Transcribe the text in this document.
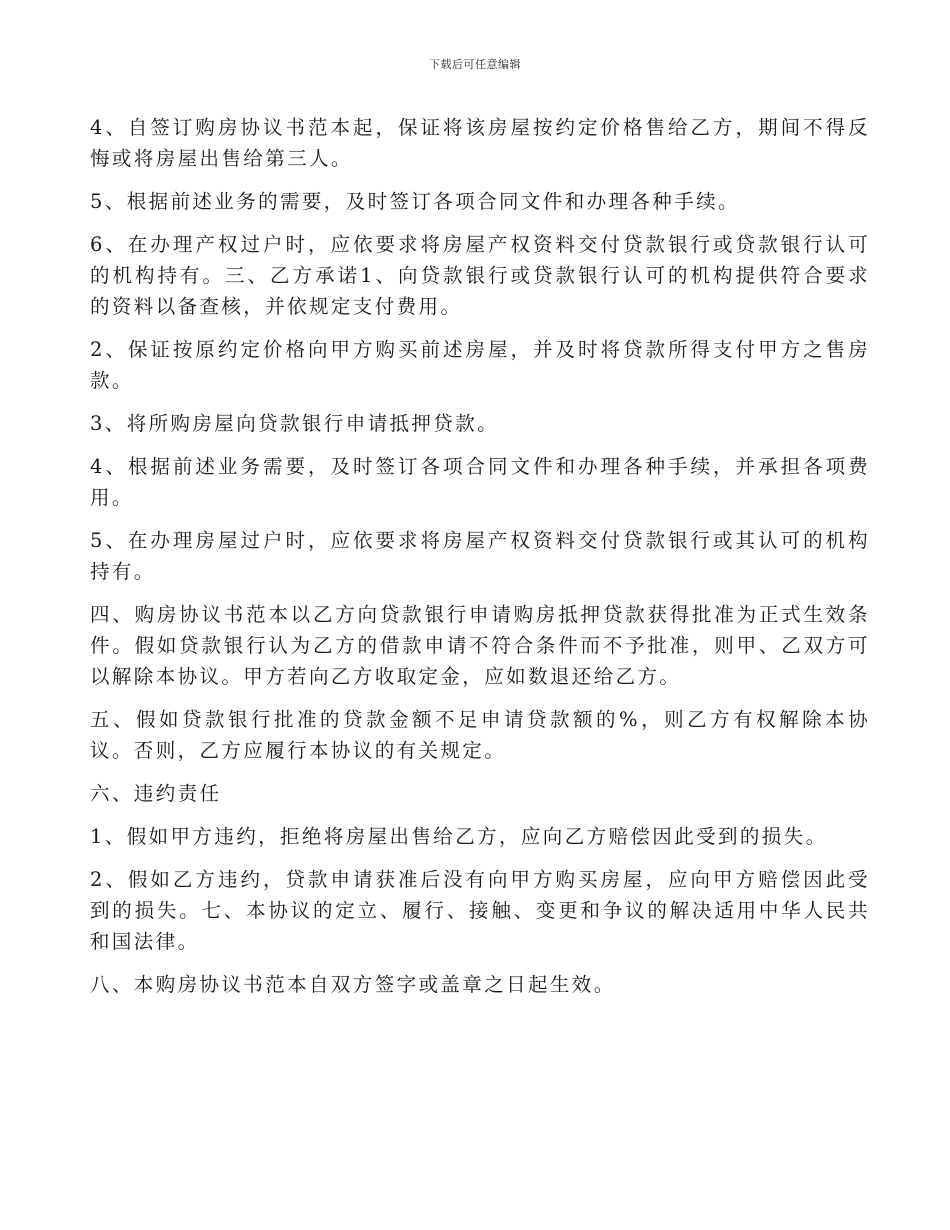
下载后可任意编辑

4、自签订购房协议书范本起，保证将该房屋按约定价格售给乙方，期间不得反悔或将房屋出售给第三人。

5、根据前述业务的需要，及时签订各项合同文件和办理各种手续。

6、在办理产权过户时，应依要求将房屋产权资料交付贷款银行或贷款银行认可的机构持有。三、乙方承诺1、向贷款银行或贷款银行认可的机构提供符合要求的资料以备查核，并依规定支付费用。

2、保证按原约定价格向甲方购买前述房屋，并及时将贷款所得支付甲方之售房款。

3、将所购房屋向贷款银行申请抵押贷款。

4、根据前述业务需要，及时签订各项合同文件和办理各种手续，并承担各项费用。

5、在办理房屋过户时，应依要求将房屋产权资料交付贷款银行或其认可的机构持有。

四、购房协议书范本以乙方向贷款银行申请购房抵押贷款获得批准为正式生效条件。假如贷款银行认为乙方的借款申请不符合条件而不予批准，则甲、乙双方可以解除本协议。甲方若向乙方收取定金，应如数退还给乙方。

五、假如贷款银行批准的贷款金额不足申请贷款额的%，则乙方有权解除本协议。否则，乙方应履行本协议的有关规定。

六、违约责任

1、假如甲方违约，拒绝将房屋出售给乙方，应向乙方赔偿因此受到的损失。

2、假如乙方违约，贷款申请获准后没有向甲方购买房屋，应向甲方赔偿因此受到的损失。七、本协议的定立、履行、接触、变更和争议的解决适用中华人民共和国法律。

八、本购房协议书范本自双方签字或盖章之日起生效。
